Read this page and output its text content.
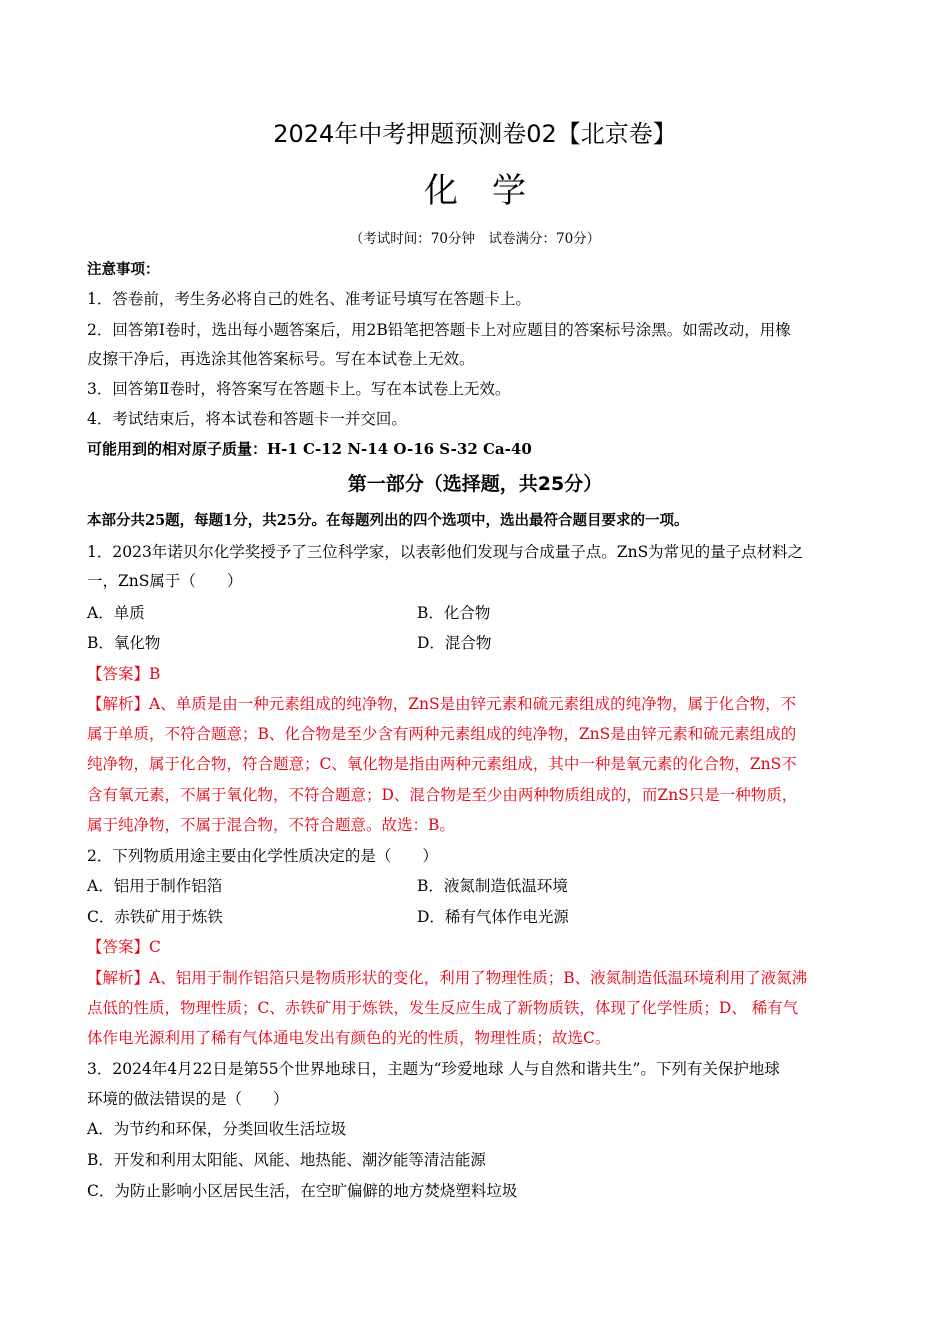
2024年中考押题预测卷02【北京卷】
化　学
（考试时间：70分钟　试卷满分：70分）
注意事项：
1．答卷前，考生务必将自己的姓名、准考证号填写在答题卡上。
2．回答第Ⅰ卷时，选出每小题答案后，用2B铅笔把答题卡上对应题目的答案标号涂黑。如需改动，用橡
皮擦干净后，再选涂其他答案标号。写在本试卷上无效。
3．回答第Ⅱ卷时，将答案写在答题卡上。写在本试卷上无效。
4．考试结束后，将本试卷和答题卡一并交回。
可能用到的相对原子质量：H-1 C-12 N-14 O-16 S-32 Ca-40
第一部分（选择题，共25分）
本部分共25题，每题1分，共25分。在每题列出的四个选项中，选出最符合题目要求的一项。
1．2023年诺贝尔化学奖授予了三位科学家，以表彰他们发现与合成量子点。ZnS为常见的量子点材料之
一，ZnS属于（　　）
A．单质	B．化合物
B．氧化物	D．混合物
【答案】B
【解析】A、单质是由一种元素组成的纯净物，ZnS是由锌元素和硫元素组成的纯净物，属于化合物，不
属于单质，不符合题意；B、化合物是至少含有两种元素组成的纯净物，ZnS是由锌元素和硫元素组成的
纯净物，属于化合物，符合题意；C、氧化物是指由两种元素组成，其中一种是氧元素的化合物，ZnS不
含有氧元素，不属于氧化物，不符合题意；D、混合物是至少由两种物质组成的，而ZnS只是一种物质，
属于纯净物，不属于混合物，不符合题意。故选：B。
2．下列物质用途主要由化学性质决定的是（　　）
A．铝用于制作铝箔	B．液氮制造低温环境
C．赤铁矿用于炼铁	D．稀有气体作电光源
【答案】C
【解析】A、铝用于制作铝箔只是物质形状的变化，利用了物理性质；B、液氮制造低温环境利用了液氮沸
点低的性质，物理性质；C、赤铁矿用于炼铁，发生反应生成了新物质铁，体现了化学性质；D、 稀有气
体作电光源利用了稀有气体通电发出有颜色的光的性质，物理性质；故选C。
3．2024年4月22日是第55个世界地球日，主题为“珍爱地球 人与自然和谐共生”。下列有关保护地球
环境的做法错误的是（　　）
A．为节约和环保，分类回收生活垃圾
B．开发和利用太阳能、风能、地热能、潮汐能等清洁能源
C．为防止影响小区居民生活，在空旷偏僻的地方焚烧塑料垃圾
